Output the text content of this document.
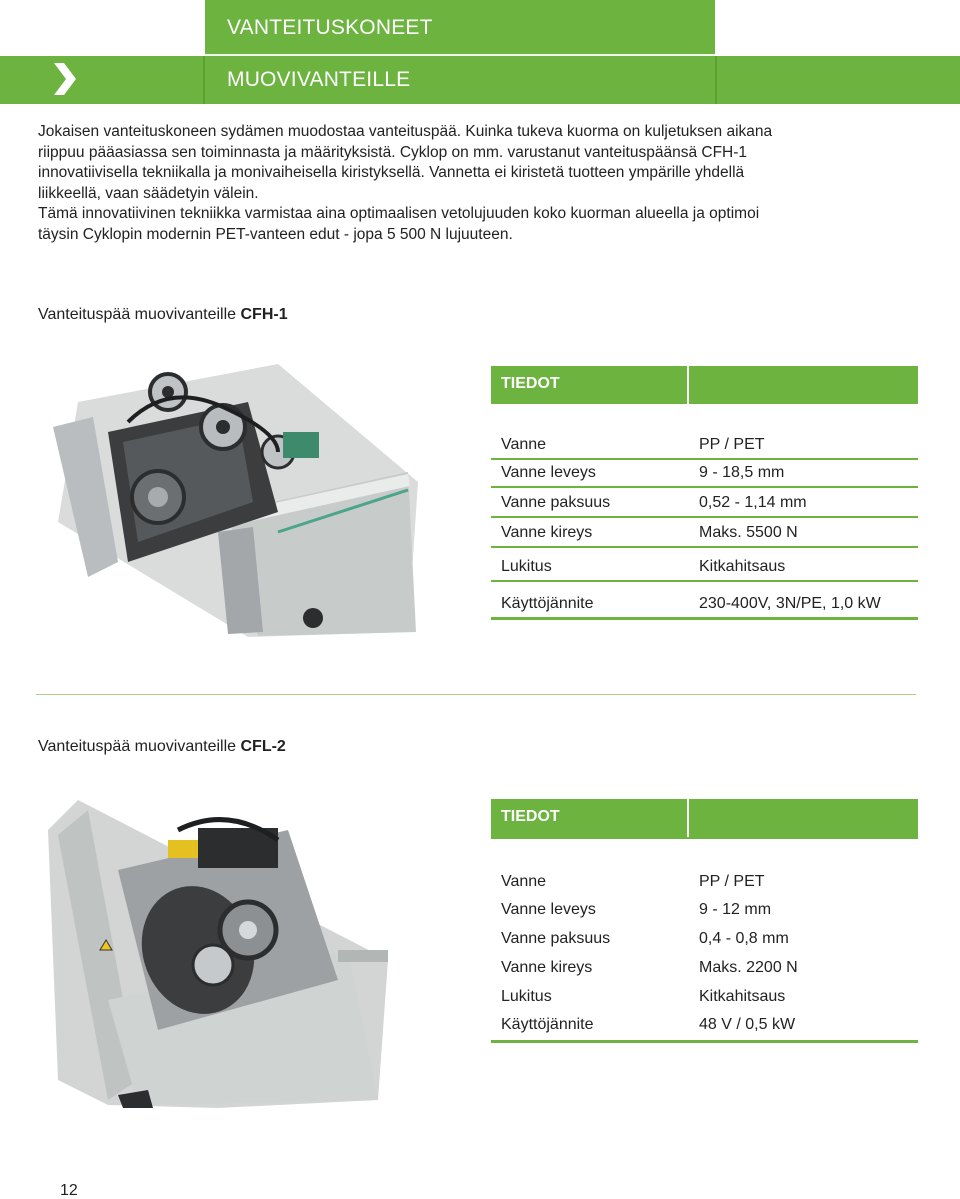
VANTEITUSKONEET
MUOVIVANTEILLE

Jokaisen vanteituskoneen sydämen muodostaa vanteituspää. Kuinka tukeva kuorma on kuljetuksen aikana

riippuu pääasiassa sen toiminnasta ja määrityksistä. Cyklop on mm. varustanut vanteituspäänsä CFH-1

innovatiivisella tekniikalla ja monivaiheisella kiristyksellä. Vannetta ei kiristetä tuotteen ympärille yhdellä

liikkeellä, vaan säädetyin välein.

Tämä innovatiivinen tekniikka varmistaa aina optimaalisen vetolujuuden koko kuorman alueella ja optimoi

täysin Cyklopin modernin PET-vanteen edut - jopa 5 500 N lujuuteen.

Vanteituspää muovivanteille CFH-1
TIEDOT
Vanne	PP / PET
Vanne leveys	9 - 18,5 mm
Vanne paksuus	0,52 - 1,14 mm
Vanne kireys	Maks. 5500 N
Lukitus	Kitkahitsaus
Käyttöjännite	230-400V, 3N/PE, 1,0 kW
Vanteituspää muovivanteille CFL-2
TIEDOT
Vanne	PP / PET
Vanne leveys	9 - 12 mm
Vanne paksuus	0,4 - 0,8 mm
Vanne kireys	Maks. 2200 N
Lukitus	Kitkahitsaus
Käyttöjännite	48 V / 0,5 kW
12
